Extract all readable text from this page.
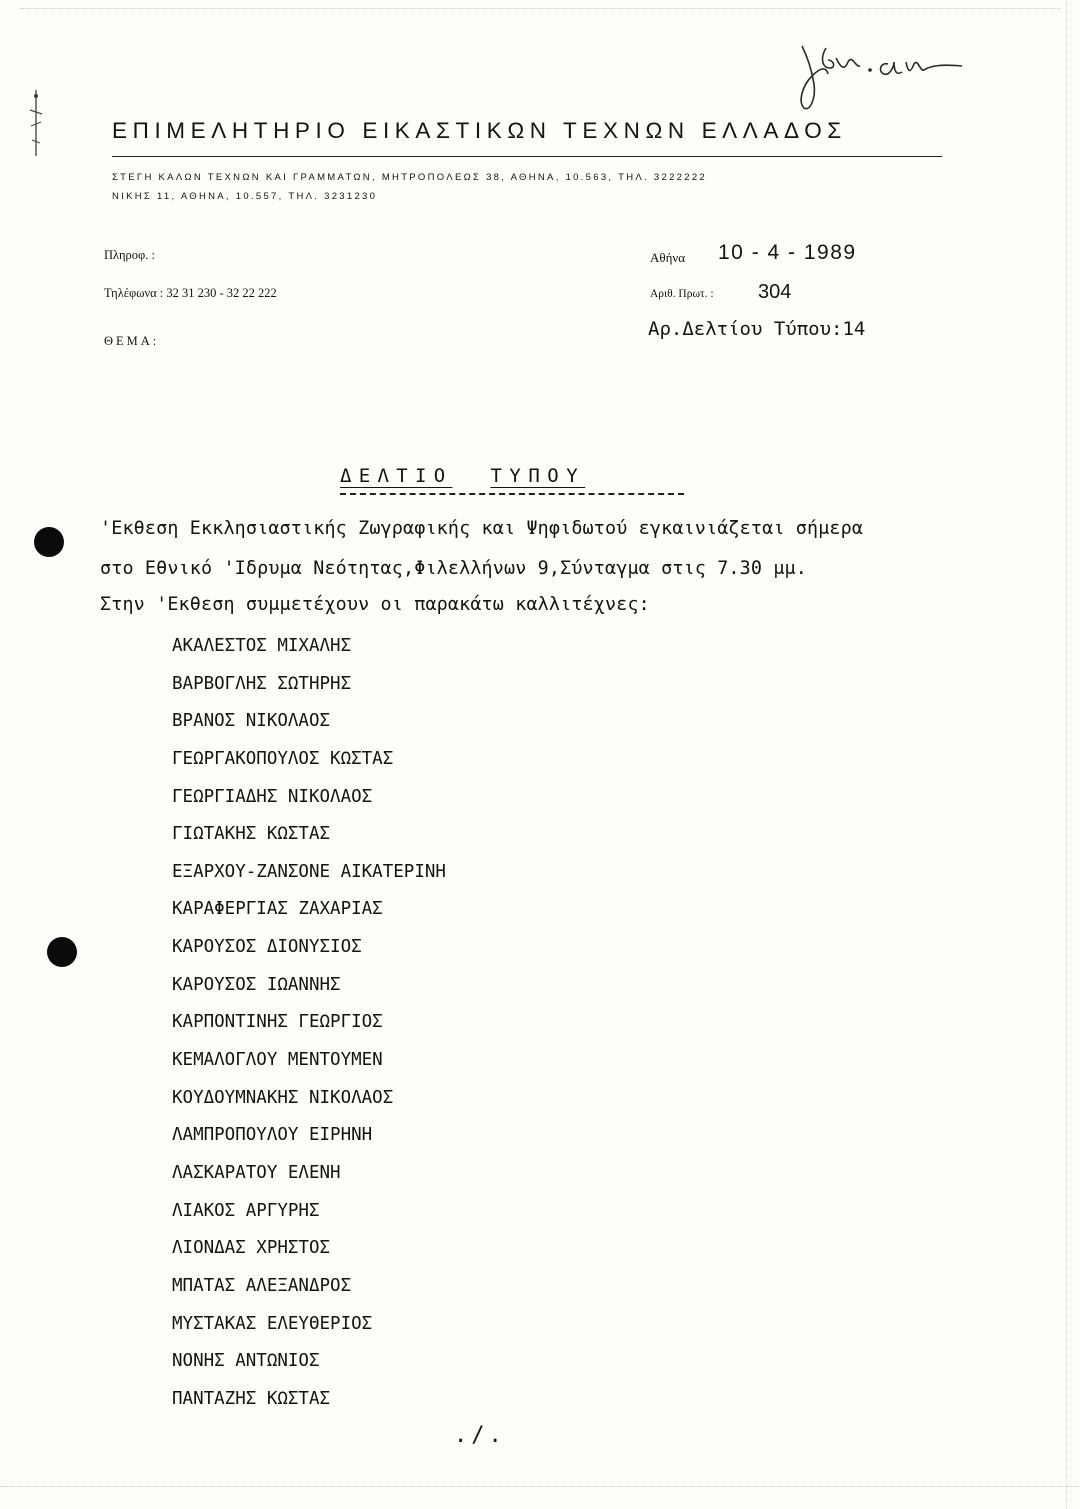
ΕΠΙΜΕΛΗΤΗΡΙΟ ΕΙΚΑΣΤΙΚΩΝ ΤΕΧΝΩΝ ΕΛΛΑΔΟΣ
ΣΤΕΓΗ ΚΑΛΩΝ ΤΕΧΝΩΝ ΚΑΙ ΓΡΑΜΜΑΤΩΝ, ΜΗΤΡΟΠΟΛΕΩΣ 38, ΑΘΗΝΑ, 10.563, ΤΗΛ. 3222222
ΝΙΚΗΣ 11, ΑΘΗΝΑ, 10.557, ΤΗΛ. 3231230
Πληροφ. :
Τηλέφωνα : 32 31 230 - 32 22 222
ΘΕΜΑ:
Αθήνα 10 - 4 - 1989
Αριθ. Πρωτ. : 304
Αρ.Δελτίου Τύπου:14
ΔΕΛΤΙΟ ΤΥΠΟΥ
'Εκθεση Εκκλησιαστικής Ζωγραφικής και Ψηφιδωτού εγκαινιάζεται σήμερα
στο Εθνικό 'Ιδρυμα Νεότητας,Φιλελλήνων 9,Σύνταγμα στις 7.30 μμ.
Στην 'Εκθεση συμμετέχουν οι παρακάτω καλλιτέχνες:
ΑΚΑΛΕΣΤΟΣ ΜΙΧΑΛΗΣ
ΒΑΡΒΟΓΛΗΣ ΣΩΤΗΡΗΣ
ΒΡΑΝΟΣ ΝΙΚΟΛΑΟΣ
ΓΕΩΡΓΑΚΟΠΟΥΛΟΣ ΚΩΣΤΑΣ
ΓΕΩΡΓΙΑΔΗΣ ΝΙΚΟΛΑΟΣ
ΓΙΩΤΑΚΗΣ ΚΩΣΤΑΣ
ΕΞΑΡΧΟΥ-ΖΑΝΣΟΝΕ ΑΙΚΑΤΕΡΙΝΗ
ΚΑΡΑΦΕΡΓΙΑΣ ΖΑΧΑΡΙΑΣ
ΚΑΡΟΥΣΟΣ ΔΙΟΝΥΣΙΟΣ
ΚΑΡΟΥΣΟΣ ΙΩΑΝΝΗΣ
ΚΑΡΠΟΝΤΙΝΗΣ ΓΕΩΡΓΙΟΣ
ΚΕΜΑΛΟΓΛΟΥ ΜΕΝΤΟΥΜΕΝ
ΚΟΥΔΟΥΜΝΑΚΗΣ ΝΙΚΟΛΑΟΣ
ΛΑΜΠΡΟΠΟΥΛΟΥ ΕΙΡΗΝΗ
ΛΑΣΚΑΡΑΤΟΥ ΕΛΕΝΗ
ΛΙΑΚΟΣ ΑΡΓΥΡΗΣ
ΛΙΟΝΔΑΣ ΧΡΗΣΤΟΣ
ΜΠΑΤΑΣ ΑΛΕΞΑΝΔΡΟΣ
ΜΥΣΤΑΚΑΣ ΕΛΕΥΘΕΡΙΟΣ
ΝΟΝΗΣ ΑΝΤΩΝΙΟΣ
ΠΑΝΤΑΖΗΣ ΚΩΣΤΑΣ
./.
